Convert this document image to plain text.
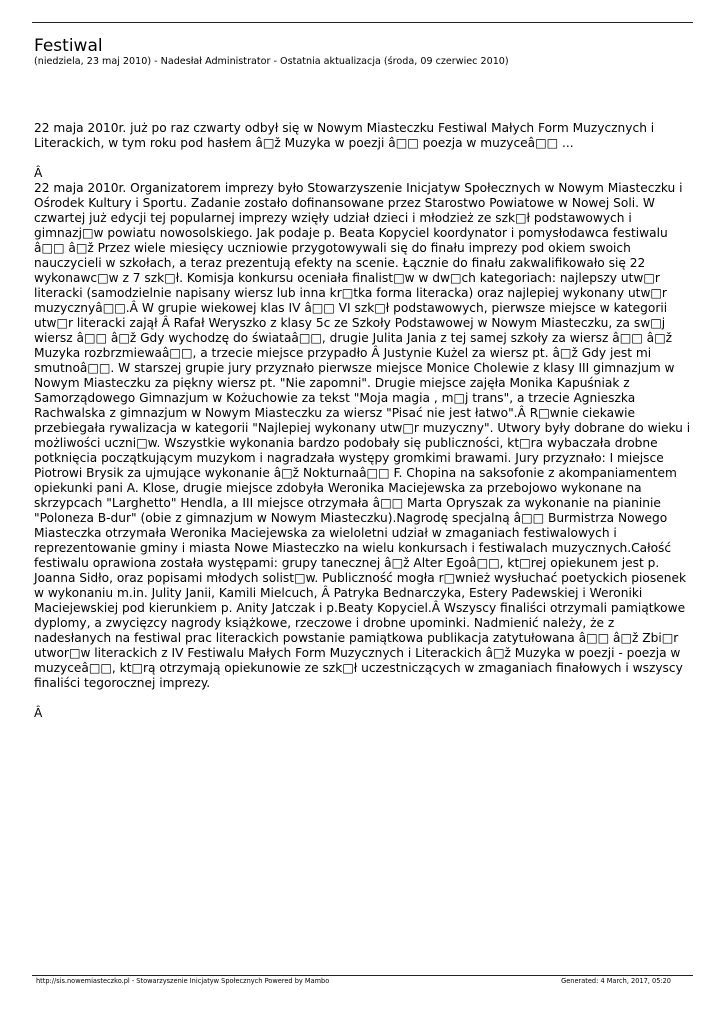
Festiwal

(niedziela, 23 maj 2010) - Nadesłał Administrator - Ostatnia aktualizacja (środa, 09 czerwiec 2010)

22 maja 2010r. już po raz czwarty odbył się w Nowym Miasteczku Festiwal Małych Form Muzycznych i Literackich, w tym roku pod hasłem â□ž Muzyka w poezji â□□ poezja w muzyceâ□□ ...

Â

22 maja 2010r. Organizatorem imprezy było Stowarzyszenie Inicjatyw Społecznych w Nowym Miasteczku i Ośrodek Kultury i Sportu. Zadanie zostało dofinansowane przez Starostwo Powiatowe w Nowej Soli. W czwartej już edycji tej popularnej imprezy wzięły udział dzieci i młodzież ze szk□ł podstawowych i gimnazj□w powiatu nowosolskiego. Jak podaje p. Beata Kopyciel koordynator i pomysłodawca festiwalu â□□ â□ž Przez wiele miesięcy uczniowie przygotowywali się do finału imprezy pod okiem swoich nauczycieli w szkołach, a teraz prezentują efekty na scenie. Łącznie do finału zakwalifikowało się 22 wykonawc□w z 7 szk□ł. Komisja konkursu oceniała finalist□w w dw□ch kategoriach: najlepszy utw□r literacki (samodzielnie napisany wiersz lub inna kr□tka forma literacka) oraz najlepiej wykonany utw□r muzycznyâ□□.Â W grupie wiekowej klas IV â□□ VI szk□ł podstawowych, pierwsze miejsce w kategorii utw□r literacki zajął Â Rafał Weryszko z klasy 5c ze Szkoły Podstawowej w Nowym Miasteczku, za sw□j wiersz â□□ â□ž Gdy wychodzę do świataâ□□, drugie Julita Jania z tej samej szkoły za wiersz â□□ â□ž Muzyka rozbrzmiewaâ□□, a trzecie miejsce przypadło Â Justynie Kużel za wiersz pt. â□ž Gdy jest mi smutnoâ□□. W starszej grupie jury przyznało pierwsze miejsce Monice Cholewie z klasy III gimnazjum w Nowym Miasteczku za piękny wiersz pt. "Nie zapomni". Drugie miejsce zajęła Monika Kapuśniak z Samorządowego Gimnazjum w Kożuchowie za tekst "Moja magia , m□j trans", a trzecie Agnieszka Rachwalska z gimnazjum w Nowym Miasteczku za wiersz "Pisać nie jest łatwo".Â R□wnie ciekawie przebiegała rywalizacja w kategorii "Najlepiej wykonany utw□r muzyczny". Utwory były dobrane do wieku i możliwości uczni□w. Wszystkie wykonania bardzo podobały się publiczności, kt□ra wybaczała drobne potknięcia początkującym muzykom i nagradzała występy gromkimi brawami. Jury przyznało: I miejsce Piotrowi Brysik za ujmujące wykonanie â□ž Nokturnaâ□□ F. Chopina na saksofonie z akompaniamentem opiekunki pani A. Klose, drugie miejsce zdobyła Weronika Maciejewska za przebojowo wykonane na skrzypcach "Larghetto" Hendla, a III miejsce otrzymała â□□ Marta Opryszak za wykonanie na pianinie "Poloneza B-dur" (obie z gimnazjum w Nowym Miasteczku).Nagrodę specjalną â□□ Burmistrza Nowego Miasteczka otrzymała Weronika Maciejewska za wieloletni udział w zmaganiach festiwalowych i reprezentowanie gminy i miasta Nowe Miasteczko na wielu konkursach i festiwalach muzycznych.Całość festiwalu oprawiona została występami: grupy tanecznej â□ž Alter Egoâ□□, kt□rej opiekunem jest p. Joanna Sidło, oraz popisami młodych solist□w. Publiczność mogła r□wnież wysłuchać poetyckich piosenek w wykonaniu m.in. Julity Janii, Kamili Mielcuch, Â Patryka Bednarczyka, Estery Padewskiej i Weroniki Maciejewskiej pod kierunkiem p. Anity Jatczak i p.Beaty Kopyciel.Â Wszyscy finaliści otrzymali pamiątkowe dyplomy, a zwycięzcy nagrody książkowe, rzeczowe i drobne upominki. Nadmienić należy, że z nadesłanych na festiwal prac literackich powstanie pamiątkowa publikacja zatytułowana â□□ â□ž Zbi□r utwor□w literackich z IV Festiwalu Małych Form Muzycznych i Literackich â□ž Muzyka w poezji - poezja w muzyceâ□□, kt□rą otrzymają opiekunowie ze szk□ł uczestniczących w zmaganiach finałowych i wszyscy finaliści tegorocznej imprezy.

Â
http://sis.nowemiasteczko.pl - Stowarzyszenie Inicjatyw Społecznych Powered by Mambo	Generated: 4 March, 2017, 05:20
